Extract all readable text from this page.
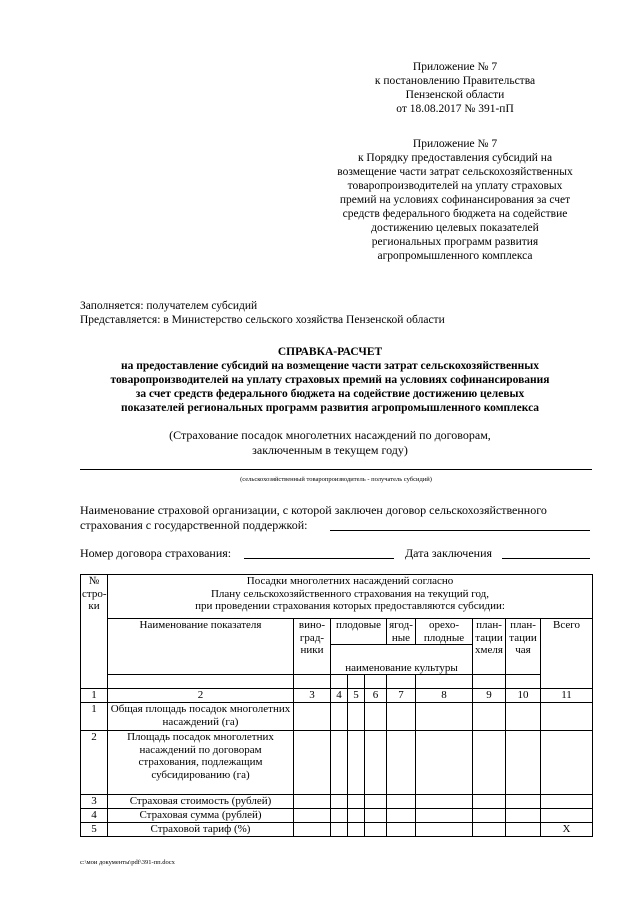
Приложение № 7
к постановлению Правительства
Пензенской области
от 18.08.2017 № 391-пП
Приложение № 7
к Порядку предоставления субсидий на
возмещение части затрат сельскохозяйственных
товаропроизводителей на уплату страховых
премий на условиях софинансирования за счет
средств федерального бюджета на содействие
достижению целевых показателей
региональных программ развития
агропромышленного комплекса
Заполняется: получателем субсидий
Представляется: в Министерство сельского хозяйства Пензенской области
СПРАВКА-РАСЧЕТ
на предоставление субсидий на возмещение части затрат сельскохозяйственных
товаропроизводителей на уплату страховых премий на условиях софинансирования
за счет средств федерального бюджета на содействие достижению целевых
показателей региональных программ развития агропромышленного комплекса
(Страхование посадок многолетних насаждений по договорам,
заключенным в текущем году)
(сельскохозяйственный товаропроизводитель - получатель субсидий)
Наименование страховой организации, с которой заключен договор сельскохозяйственного
страхования с государственной поддержкой:
Номер договора страхования:	Дата заключения
№ стро- ки	Посадки многолетних насаждений согласно
Плану сельскохозяйственного страхования на текущий год,
при проведении страхования которых предоставляются субсидии:									

	Наименование показателя	вино- град- ники	плодовые			ягод- ные	орехо- плодные	план- тации хмеля	план- тации чая	Всего
			наименование культуры							

1	2	3	4	5	6	7	8	9	10	11
1	Общая площадь посадок многолетних насаждений (га)									
2	Площадь посадок многолетних насаждений по договорам страхования, подлежащим субсидированию (га)									
3	Страховая стоимость (рублей)									
4	Страховая сумма (рублей)									
5	Страховой тариф (%)									Х
c:\мои документы\pdf\391-пп.docx
